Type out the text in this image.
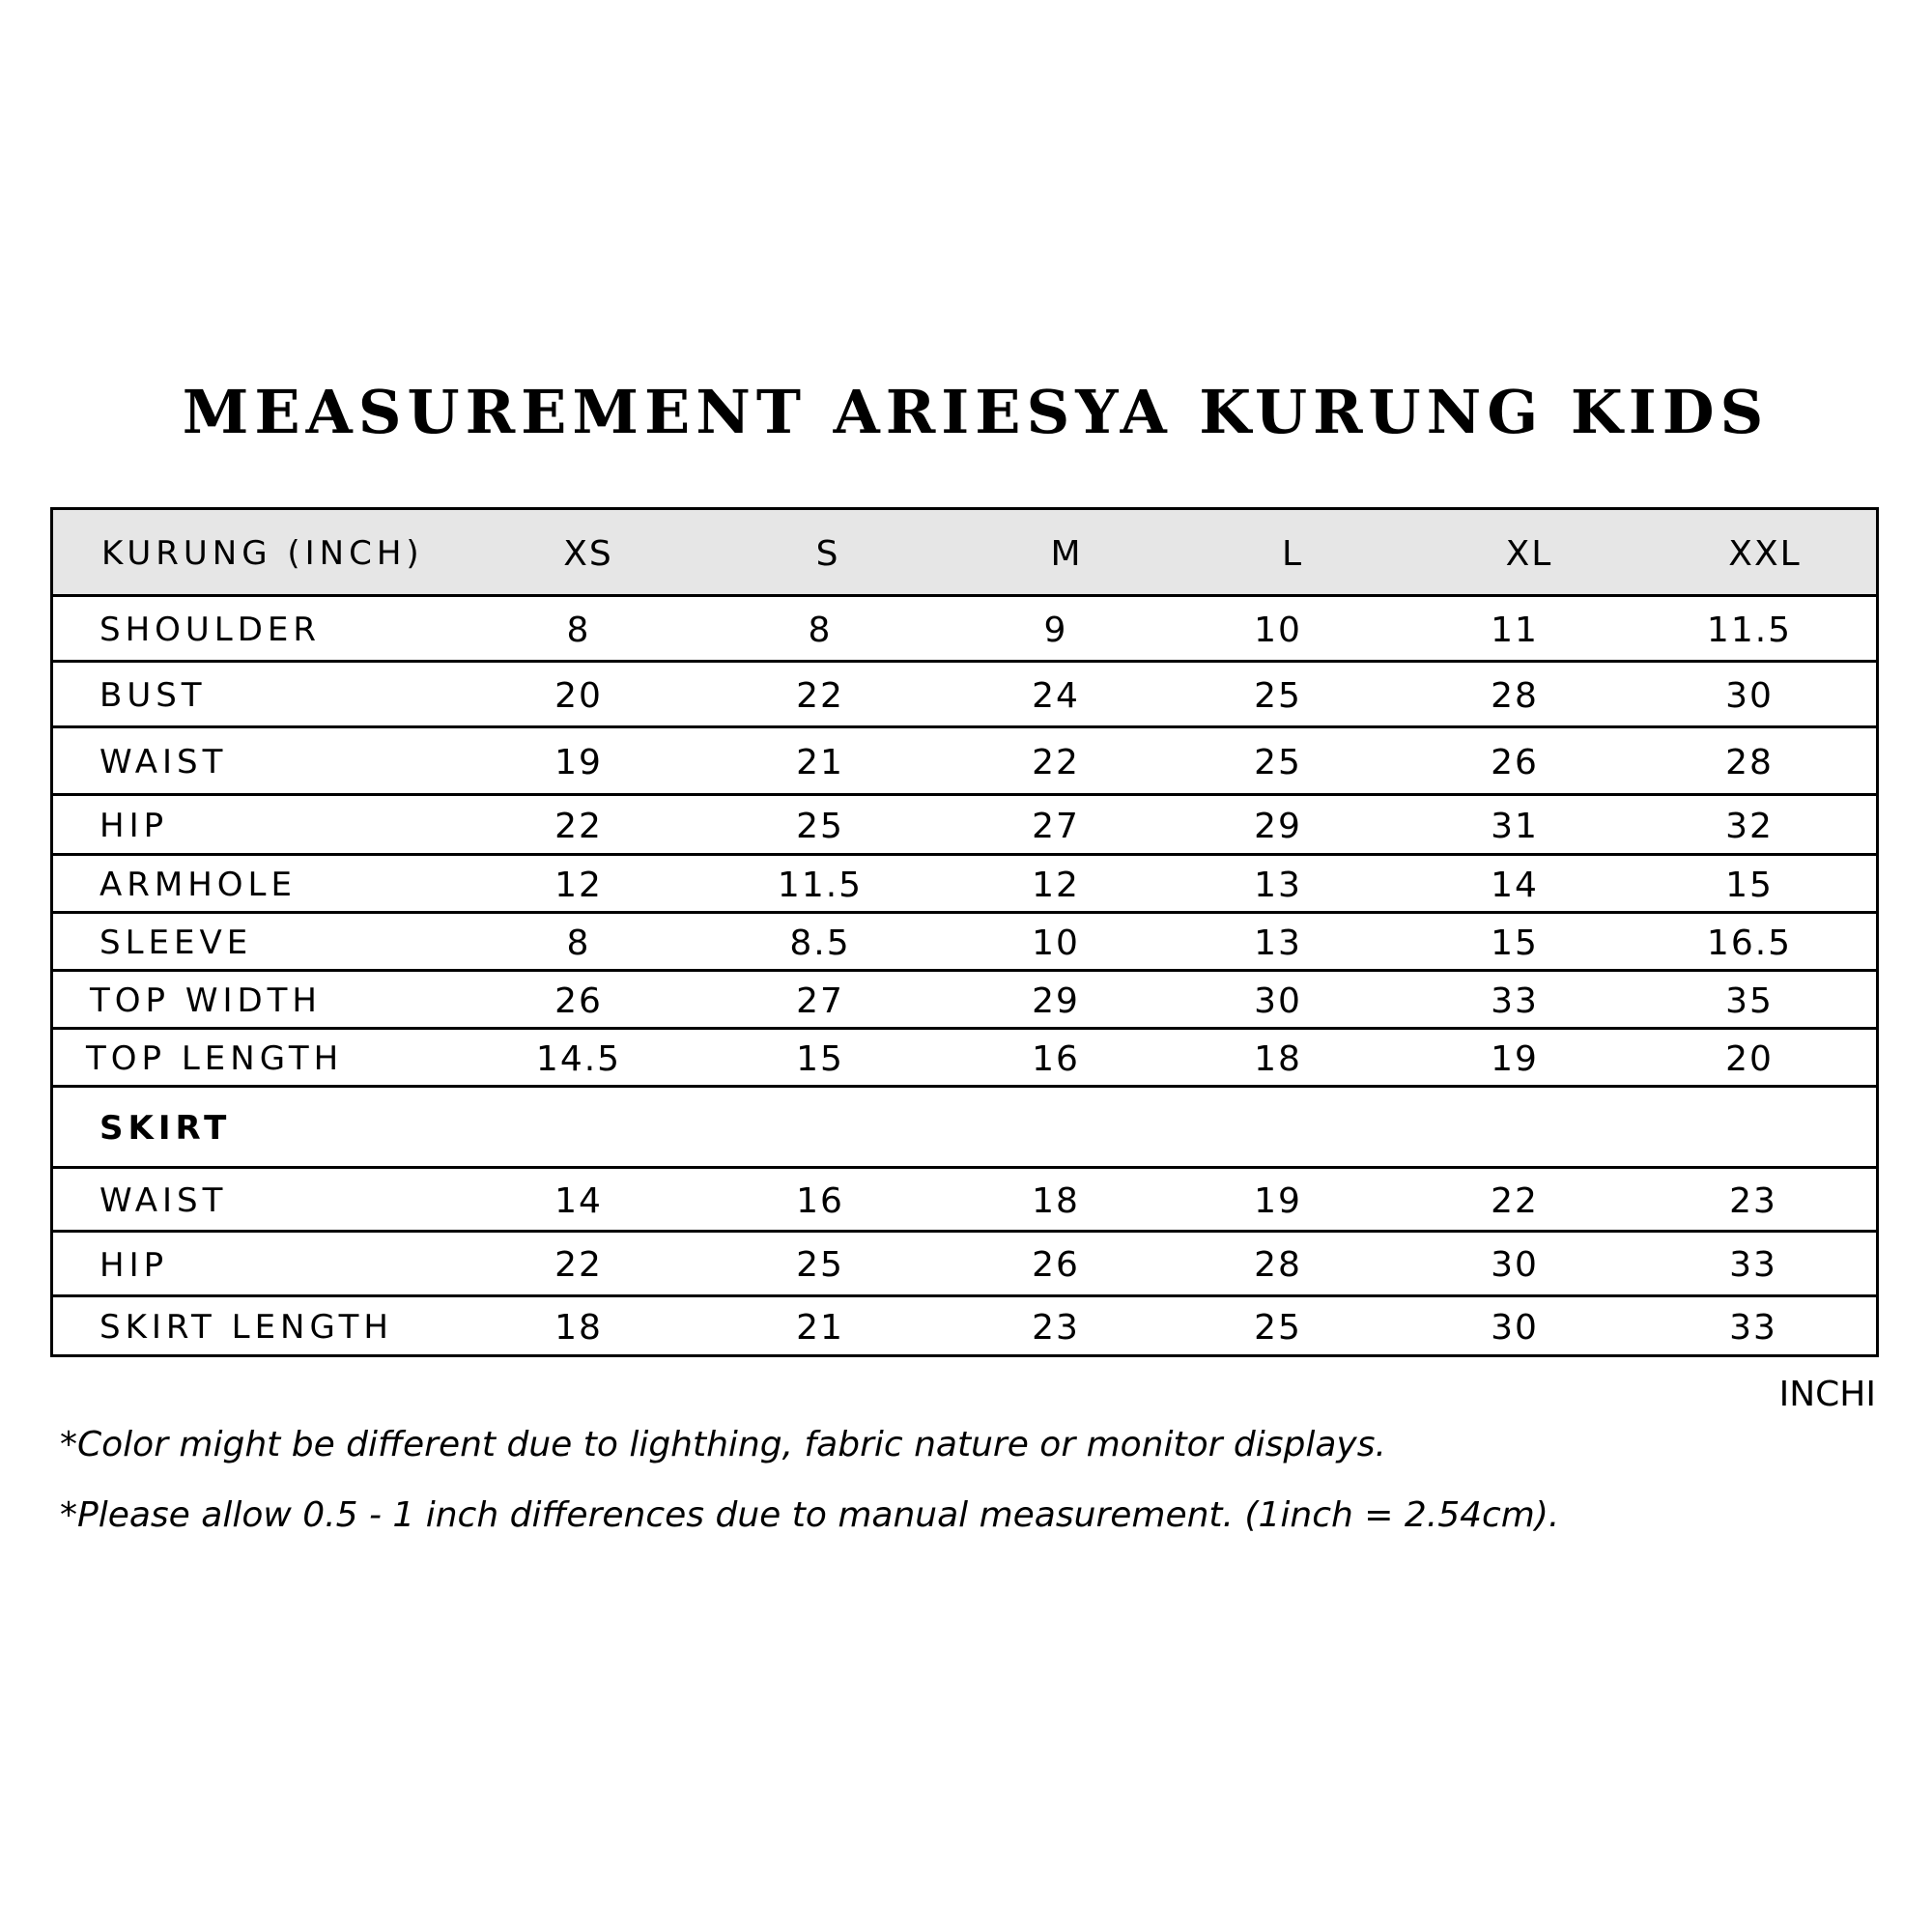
MEASUREMENT ARIESYA KURUNG KIDS
KURUNG (INCH)	XS	S	M	L	XL	XXL
SHOULDER	8	8	9	10	11	11.5
BUST	20	22	24	25	28	30
WAIST	19	21	22	25	26	28
HIP	22	25	27	29	31	32
ARMHOLE	12	11.5	12	13	14	15
SLEEVE	8	8.5	10	13	15	16.5
TOP WIDTH	26	27	29	30	33	35
TOP LENGTH	14.5	15	16	18	19	20
SKIRT
WAIST	14	16	18	19	22	23
HIP	22	25	26	28	30	33
SKIRT LENGTH	18	21	23	25	30	33
INCHI
*Color might be different due to lighthing, fabric nature or monitor displays.
*Please allow 0.5 - 1 inch differences due to manual measurement. (1inch = 2.54cm).
